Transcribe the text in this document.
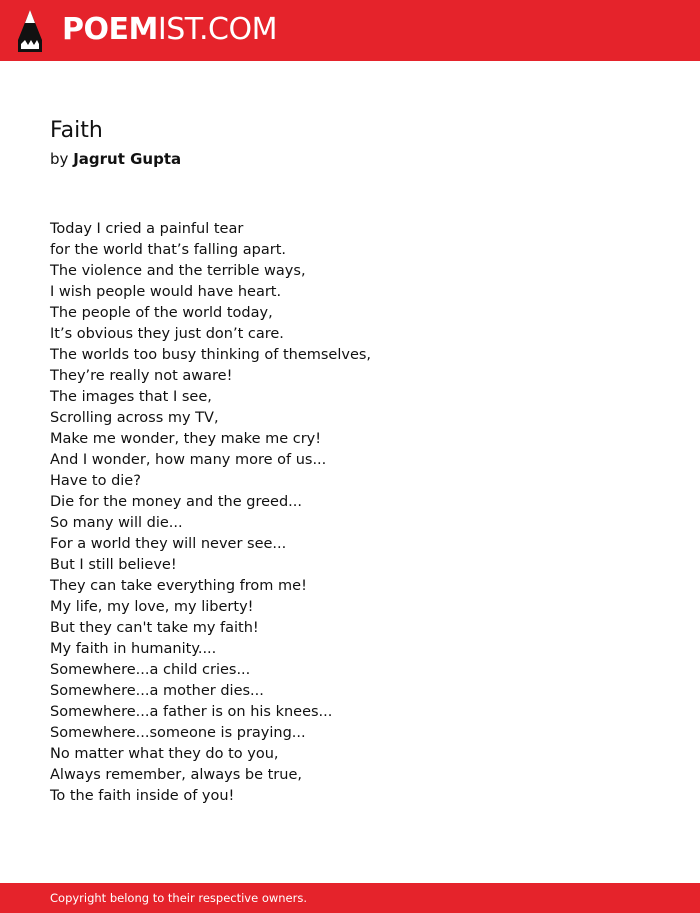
POEMIST.COM
Faith
by Jagrut Gupta
Today I cried a painful tear
for the world that’s falling apart.
The violence and the terrible ways,
I wish people would have heart.
The people of the world today,
It’s obvious they just don’t care.
The worlds too busy thinking of themselves,
They’re really not aware!
The images that I see,
Scrolling across my TV,
Make me wonder, they make me cry!
And I wonder, how many more of us...
Have to die?
Die for the money and the greed...
So many will die...
For a world they will never see...
But I still believe!
They can take everything from me!
My life, my love, my liberty!
But they can't take my faith!
My faith in humanity....
Somewhere...a child cries...
Somewhere...a mother dies...
Somewhere...a father is on his knees...
Somewhere...someone is praying...
No matter what they do to you,
Always remember, always be true,
To the faith inside of you!
Copyright belong to their respective owners.
